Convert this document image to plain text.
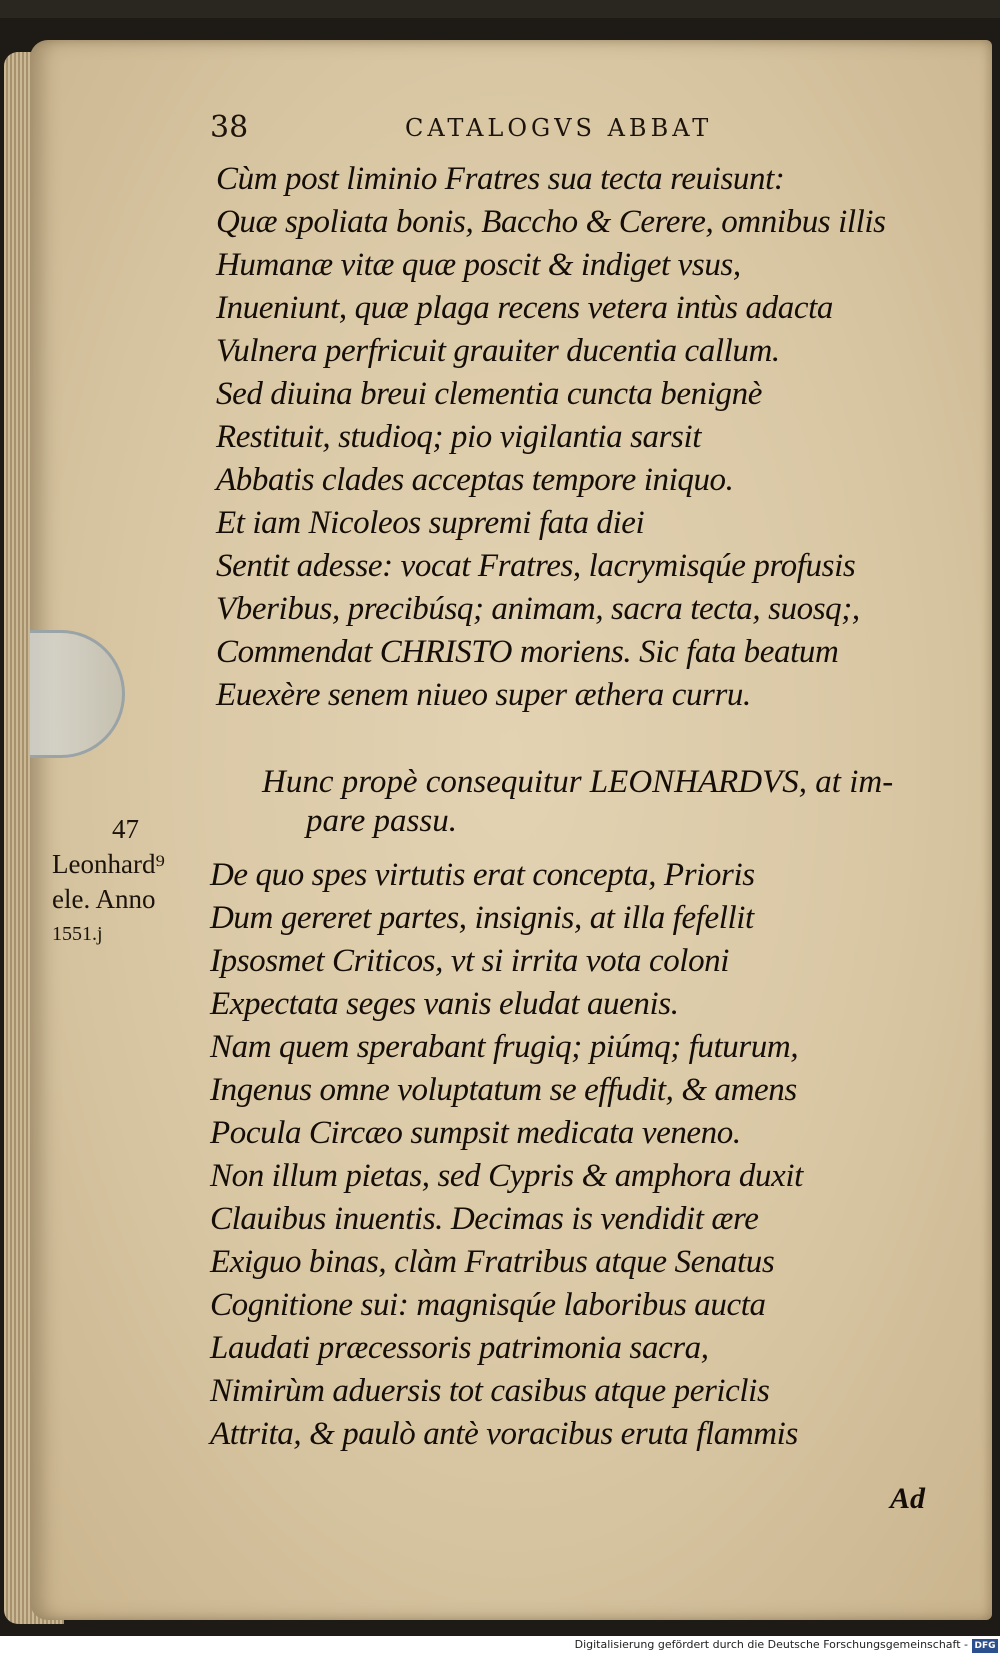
38	CATALOGVS ABBAT
Cùm post liminio Fratres sua tecta reuisunt:
Quæ spoliata bonis, Baccho & Cerere, omnibus illis
Humanæ vitæ quæ poscit & indiget vsus,
Inueniunt, quæ plaga recens vetera intùs adacta
Vulnera perfricuit grauiter ducentia callum.
Sed diuina breui clementia cuncta benignè
Restituit, studioq; pio vigilantia sarsit
Abbatis clades acceptas tempore iniquo.
Et iam Nicoleos supremi fata diei
Sentit adesse: vocat Fratres, lacrymisqúe profusis
Vberibus, precibúsq; animam, sacra tecta, suosq;,
Commendat CHRISTO moriens. Sic fata beatum
Euexère senem niueo super æthera curru.
Hunc propè consequitur LEONHARDVS, at im-
pare passu.
47
Leonhard⁹
ele. Anno
1551.j
De quo spes virtutis erat concepta, Prioris
Dum gereret partes, insignis, at illa fefellit
Ipsosmet Criticos, vt si irrita vota coloni
Expectata seges vanis eludat auenis.
Nam quem sperabant frugiq; piúmq; futurum,
Ingenus omne voluptatum se effudit, & amens
Pocula Circæo sumpsit medicata veneno.
Non illum pietas, sed Cypris & amphora duxit
Clauibus inuentis. Decimas is vendidit ære
Exiguo binas, clàm Fratribus atque Senatus
Cognitione sui: magnisqúe laboribus aucta
Laudati præcessoris patrimonia sacra,
Nimirùm aduersis tot casibus atque periclis
Attrita, & paulò antè voracibus eruta flammis
Ad
Digitalisierung gefördert durch die Deutsche Forschungsgemeinschaft - DFG
